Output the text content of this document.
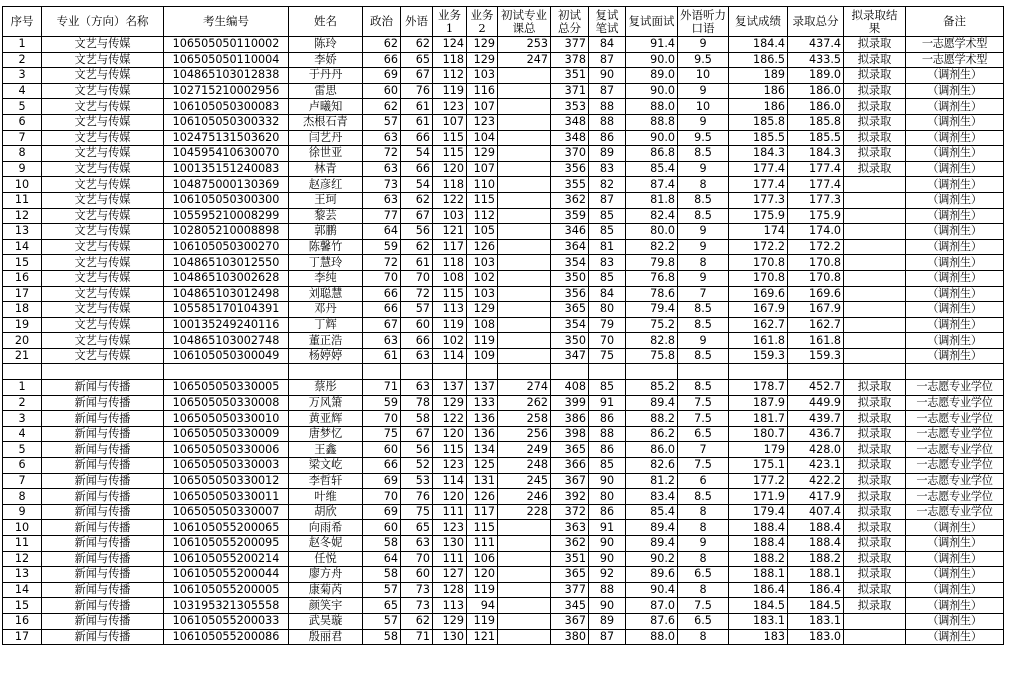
序号	专业（方向）名称	考生编号	姓名	政治	外语	业务1	业务2	初试专业课总	初试总分	复试笔试	复试面试	外语听力口语	复试成绩	录取总分	拟录取结果	备注
1	文艺与传媒	106505050110002	陈玲	62	62	124	129	253	377	84	91.4	9	184.4	437.4	拟录取	一志愿学术型
2	文艺与传媒	106505050110004	李娇	66	65	118	129	247	378	87	90.0	9.5	186.5	433.5	拟录取	一志愿学术型
3	文艺与传媒	104865103012838	于丹丹	69	67	112	103		351	90	89.0	10	189	189.0	拟录取	（调剂生）
4	文艺与传媒	102715210002956	雷思	60	76	119	116		371	87	90.0	9	186	186.0	拟录取	（调剂生）
5	文艺与传媒	106105050300083	卢曦知	62	61	123	107		353	88	88.0	10	186	186.0	拟录取	（调剂生）
6	文艺与传媒	106105050300332	杰根石青	57	61	107	123		348	88	88.8	9	185.8	185.8	拟录取	（调剂生）
7	文艺与传媒	102475131503620	闫艺丹	63	66	115	104		348	86	90.0	9.5	185.5	185.5	拟录取	（调剂生）
8	文艺与传媒	104595410630070	徐世亚	72	54	115	129		370	89	86.8	8.5	184.3	184.3	拟录取	（调剂生）
9	文艺与传媒	100135151240083	林青	63	66	120	107		356	83	85.4	9	177.4	177.4	拟录取	（调剂生）
10	文艺与传媒	104875000130369	赵彦红	73	54	118	110		355	82	87.4	8	177.4	177.4		（调剂生）
11	文艺与传媒	106105050300300	王珂	63	62	122	115		362	87	81.8	8.5	177.3	177.3		（调剂生）
12	文艺与传媒	105595210008299	黎芸	77	67	103	112		359	85	82.4	8.5	175.9	175.9		（调剂生）
13	文艺与传媒	102805210008898	郭鹏	64	56	121	105		346	85	80.0	9	174	174.0		（调剂生）
14	文艺与传媒	106105050300270	陈馨竹	59	62	117	126		364	81	82.2	9	172.2	172.2		（调剂生）
15	文艺与传媒	104865103012550	丁慧玲	72	61	118	103		354	83	79.8	8	170.8	170.8		（调剂生）
16	文艺与传媒	104865103002628	李纯	70	70	108	102		350	85	76.8	9	170.8	170.8		（调剂生）
17	文艺与传媒	104865103012498	刘聪慧	66	72	115	103		356	84	78.6	7	169.6	169.6		（调剂生）
18	文艺与传媒	105585170104391	邓丹	66	57	113	129		365	80	79.4	8.5	167.9	167.9		（调剂生）
19	文艺与传媒	100135249240116	丁辉	67	60	119	108		354	79	75.2	8.5	162.7	162.7		（调剂生）
20	文艺与传媒	104865103002748	董正浩	63	66	102	119		350	70	82.8	9	161.8	161.8		（调剂生）
21	文艺与传媒	106105050300049	杨婷婷	61	63	114	109		347	75	75.8	8.5	159.3	159.3		（调剂生）

1	新闻与传播	106505050330005	蔡彤	71	63	137	137	274	408	85	85.2	8.5	178.7	452.7	拟录取	一志愿专业学位
2	新闻与传播	106505050330008	万风箫	59	78	129	133	262	399	91	89.4	7.5	187.9	449.9	拟录取	一志愿专业学位
3	新闻与传播	106505050330010	黄亚辉	70	58	122	136	258	386	86	88.2	7.5	181.7	439.7	拟录取	一志愿专业学位
4	新闻与传播	106505050330009	唐梦忆	75	67	120	136	256	398	88	86.2	6.5	180.7	436.7	拟录取	一志愿专业学位
5	新闻与传播	106505050330006	王鑫	60	56	115	134	249	365	86	86.0	7	179	428.0	拟录取	一志愿专业学位
6	新闻与传播	106505050330003	梁文屹	66	52	123	125	248	366	85	82.6	7.5	175.1	423.1	拟录取	一志愿专业学位
7	新闻与传播	106505050330012	李哲轩	69	53	114	131	245	367	90	81.2	6	177.2	422.2	拟录取	一志愿专业学位
8	新闻与传播	106505050330011	叶维	70	76	120	126	246	392	80	83.4	8.5	171.9	417.9	拟录取	一志愿专业学位
9	新闻与传播	106505050330007	胡欣	69	75	111	117	228	372	86	85.4	8	179.4	407.4	拟录取	一志愿专业学位
10	新闻与传播	106105055200065	向雨希	60	65	123	115		363	91	89.4	8	188.4	188.4	拟录取	（调剂生）
11	新闻与传播	106105055200095	赵冬妮	58	63	130	111		362	90	89.4	9	188.4	188.4	拟录取	（调剂生）
12	新闻与传播	106105055200214	任悦	64	70	111	106		351	90	90.2	8	188.2	188.2	拟录取	（调剂生）
13	新闻与传播	106105055200044	廖方舟	58	60	127	120		365	92	89.6	6.5	188.1	188.1	拟录取	（调剂生）
14	新闻与传播	106105055200005	康菊芮	57	73	128	119		377	88	90.4	8	186.4	186.4	拟录取	（调剂生）
15	新闻与传播	103195321305558	颜笑宇	65	73	113	94		345	90	87.0	7.5	184.5	184.5	拟录取	（调剂生）
16	新闻与传播	106105055200033	武昊璇	57	62	129	119		367	89	87.6	6.5	183.1	183.1		（调剂生）
17	新闻与传播	106105055200086	殷丽君	58	71	130	121		380	87	88.0	8	183	183.0		（调剂生）
